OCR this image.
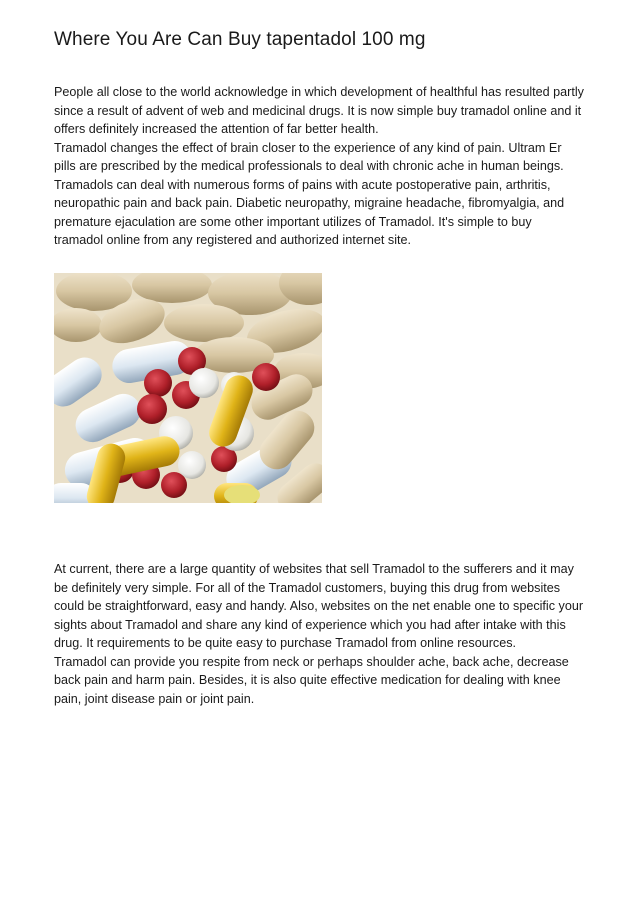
Where You Are Can Buy tapentadol 100 mg
People all close to the world acknowledge in which development of healthful has resulted partly since a result of advent of web and medicinal drugs. It is now simple buy tramadol online and it offers definitely increased the attention of far better health.
Tramadol changes the effect of brain closer to the experience of any kind of pain. Ultram Er pills are prescribed by the medical professionals to deal with chronic ache in human beings. Tramadols can deal with numerous forms of pains with acute postoperative pain, arthritis, neuropathic pain and back pain. Diabetic neuropathy, migraine headache, fibromyalgia, and premature ejaculation are some other important utilizes of Tramadol. It's simple to buy tramadol online from any registered and authorized internet site.
At current, there are a large quantity of websites that sell Tramadol to the sufferers and it may be definitely very simple. For all of the Tramadol customers, buying this drug from websites could be straightforward, easy and handy. Also, websites on the net enable one to specific your sights about Tramadol and share any kind of experience which you had after intake with this drug. It requirements to be quite easy to purchase Tramadol from online resources.
Tramadol can provide you respite from neck or perhaps shoulder ache, back ache, decrease back pain and harm pain. Besides, it is also quite effective medication for dealing with knee pain, joint disease pain or joint pain.
